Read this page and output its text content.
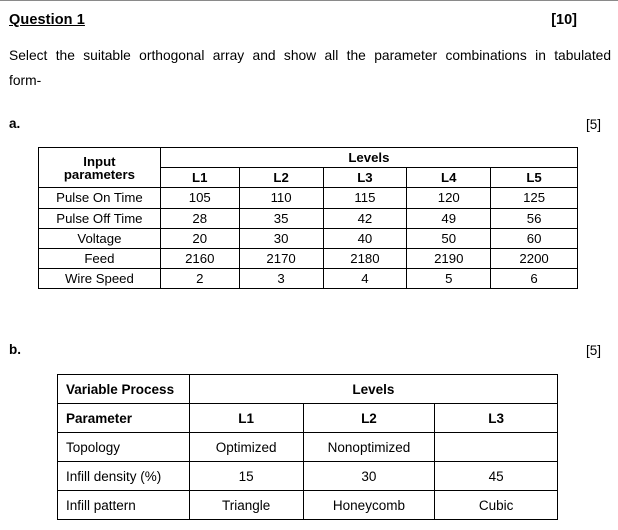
Question 1	[10]
Select the suitable orthogonal array and show all the parameter combinations in tabulated form-
a.	[5]
Input
parameters	Levels				
	L1	L2	L3	L4	L5
Pulse On Time	105	110	115	120	125
Pulse Off Time	28	35	42	49	56
Voltage	20	30	40	50	60
Feed	2160	2170	2180	2190	2200
Wire Speed	2	3	4	5	6
b.	[5]
Variable Process	Levels		
Parameter	L1	L2	L3
Topology	Optimized	Nonoptimized	
Infill density (%)	15	30	45
Infill pattern	Triangle	Honeycomb	Cubic
